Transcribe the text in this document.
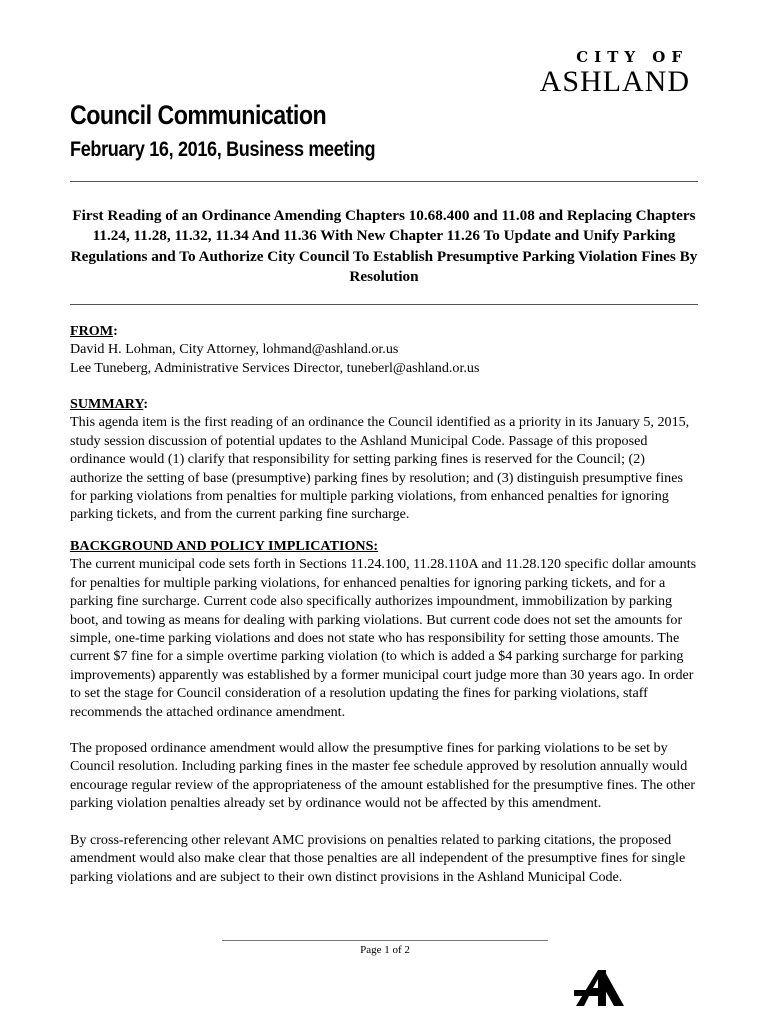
CITY OF
ASHLAND
Council Communication
February 16, 2016, Business meeting
First Reading of an Ordinance Amending Chapters 10.68.400 and 11.08 and Replacing Chapters 11.24, 11.28, 11.32, 11.34 And 11.36 With New Chapter 11.26 To Update and Unify Parking Regulations and To Authorize City Council To Establish Presumptive Parking Violation Fines By Resolution

FROM:

David H. Lohman, City Attorney, lohmand@ashland.or.us

Lee Tuneberg, Administrative Services Director, tuneberl@ashland.or.us

SUMMARY:

This agenda item is the first reading of an ordinance the Council identified as a priority in its January 5, 2015, study session discussion of potential updates to the Ashland Municipal Code. Passage of this proposed ordinance would (1) clarify that responsibility for setting parking fines is reserved for the Council; (2) authorize the setting of base (presumptive) parking fines by resolution; and (3) distinguish presumptive fines for parking violations from penalties for multiple parking violations, from enhanced penalties for ignoring parking tickets, and from the current parking fine surcharge.

BACKGROUND AND POLICY IMPLICATIONS:

The current municipal code sets forth in Sections 11.24.100, 11.28.110A and 11.28.120 specific dollar amounts for penalties for multiple parking violations, for enhanced penalties for ignoring parking tickets, and for a parking fine surcharge. Current code also specifically authorizes impoundment, immobilization by parking boot, and towing as means for dealing with parking violations. But current code does not set the amounts for simple, one-time parking violations and does not state who has responsibility for setting those amounts. The current $7 fine for a simple overtime parking violation (to which is added a $4 parking surcharge for parking improvements) apparently was established by a former municipal court judge more than 30 years ago. In order to set the stage for Council consideration of a resolution updating the fines for parking violations, staff recommends the attached ordinance amendment.

The proposed ordinance amendment would allow the presumptive fines for parking violations to be set by Council resolution. Including parking fines in the master fee schedule approved by resolution annually would encourage regular review of the appropriateness of the amount established for the presumptive fines. The other parking violation penalties already set by ordinance would not be affected by this amendment.

By cross-referencing other relevant AMC provisions on penalties related to parking citations, the proposed amendment would also make clear that those penalties are all independent of the presumptive fines for single parking violations and are subject to their own distinct provisions in the Ashland Municipal Code.

Page 1 of 2
